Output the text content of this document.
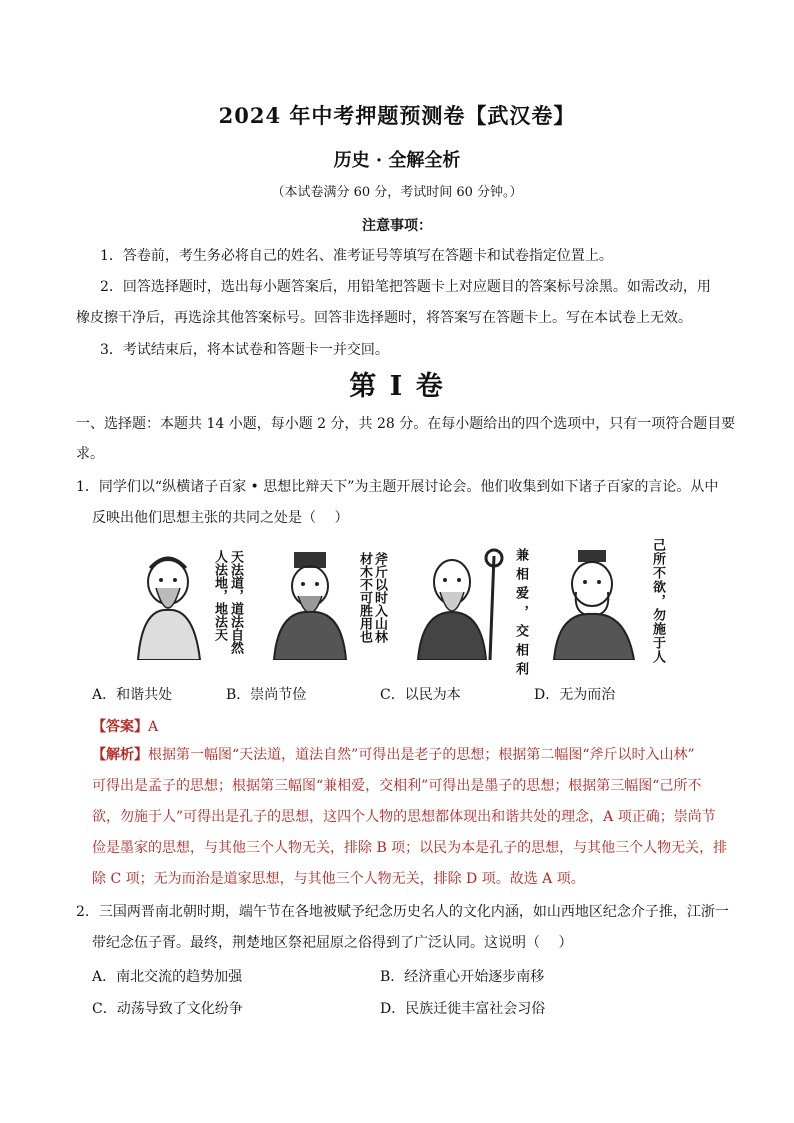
2024 年中考押题预测卷【武汉卷】
历史 · 全解全析
（本试卷满分 60 分，考试时间 60 分钟。）
注意事项：
1．答卷前，考生务必将自己的姓名、准考证号等填写在答题卡和试卷指定位置上。
2．回答选择题时，选出每小题答案后，用铅笔把答题卡上对应题目的答案标号涂黑。如需改动，用
橡皮擦干净后，再选涂其他答案标号。回答非选择题时，将答案写在答题卡上。写在本试卷上无效。
3．考试结束后，将本试卷和答题卡一并交回。
第 I 卷
一、选择题：本题共 14 小题，每小题 2 分，共 28 分。在每小题给出的四个选项中，只有一项符合题目要
求。
1．同学们以“纵横诸子百家 • 思想比辩天下”为主题开展讨论会。他们收集到如下诸子百家的言论。从中
反映出他们思想主张的共同之处是（　 ）
天法道，道法自然
人法地，地法天	斧斤以时入山林
材木不可胜用也	兼相爱，交相利	己所不欲，勿施于人
A．和谐共处	B．崇尚节俭	C．以民为本	D．无为而治
【答案】A
【解析】根据第一幅图“天法道，道法自然”可得出是老子的思想；根据第二幅图“斧斤以时入山林”
可得出是孟子的思想；根据第三幅图“兼相爱，交相利”可得出是墨子的思想；根据第三幅图“己所不
欲，勿施于人”可得出是孔子的思想，这四个人物的思想都体现出和谐共处的理念，A 项正确；崇尚节
俭是墨家的思想，与其他三个人物无关，排除 B 项；以民为本是孔子的思想，与其他三个人物无关，排
除 C 项；无为而治是道家思想，与其他三个人物无关，排除 D 项。故选 A 项。
2．三国两晋南北朝时期，端午节在各地被赋予纪念历史名人的文化内涵，如山西地区纪念介子推，江浙一
带纪念伍子胥。最终，荆楚地区祭祀屈原之俗得到了广泛认同。这说明（　 ）
A．南北交流的趋势加强	B．经济重心开始逐步南移
C．动荡导致了文化纷争	D．民族迁徙丰富社会习俗
